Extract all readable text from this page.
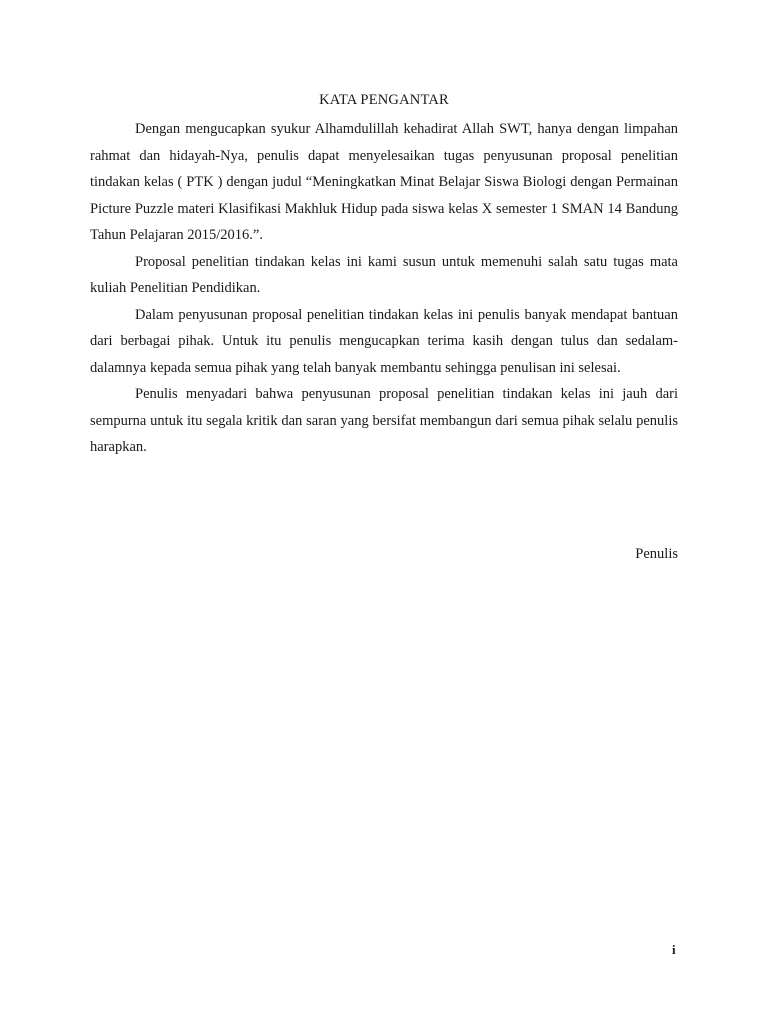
KATA PENGANTAR

Dengan mengucapkan syukur Alhamdulillah kehadirat Allah SWT, hanya dengan limpahan rahmat dan hidayah-Nya, penulis dapat menyelesaikan tugas penyusunan proposal penelitian tindakan kelas ( PTK ) dengan judul “Meningkatkan Minat Belajar Siswa Biologi dengan Permainan Picture Puzzle materi Klasifikasi Makhluk Hidup pada siswa kelas X semester 1 SMAN 14 Bandung Tahun Pelajaran 2015/2016.”.

Proposal penelitian tindakan kelas ini kami susun untuk memenuhi salah satu tugas mata kuliah Penelitian Pendidikan.

Dalam penyusunan proposal penelitian tindakan kelas ini penulis banyak mendapat bantuan dari berbagai pihak. Untuk itu penulis mengucapkan terima kasih dengan tulus dan sedalam-dalamnya kepada semua pihak yang telah banyak membantu sehingga penulisan ini selesai.

Penulis menyadari bahwa penyusunan proposal penelitian tindakan kelas ini jauh dari sempurna untuk itu segala kritik dan saran yang bersifat membangun dari semua pihak selalu penulis harapkan.

Penulis
i
